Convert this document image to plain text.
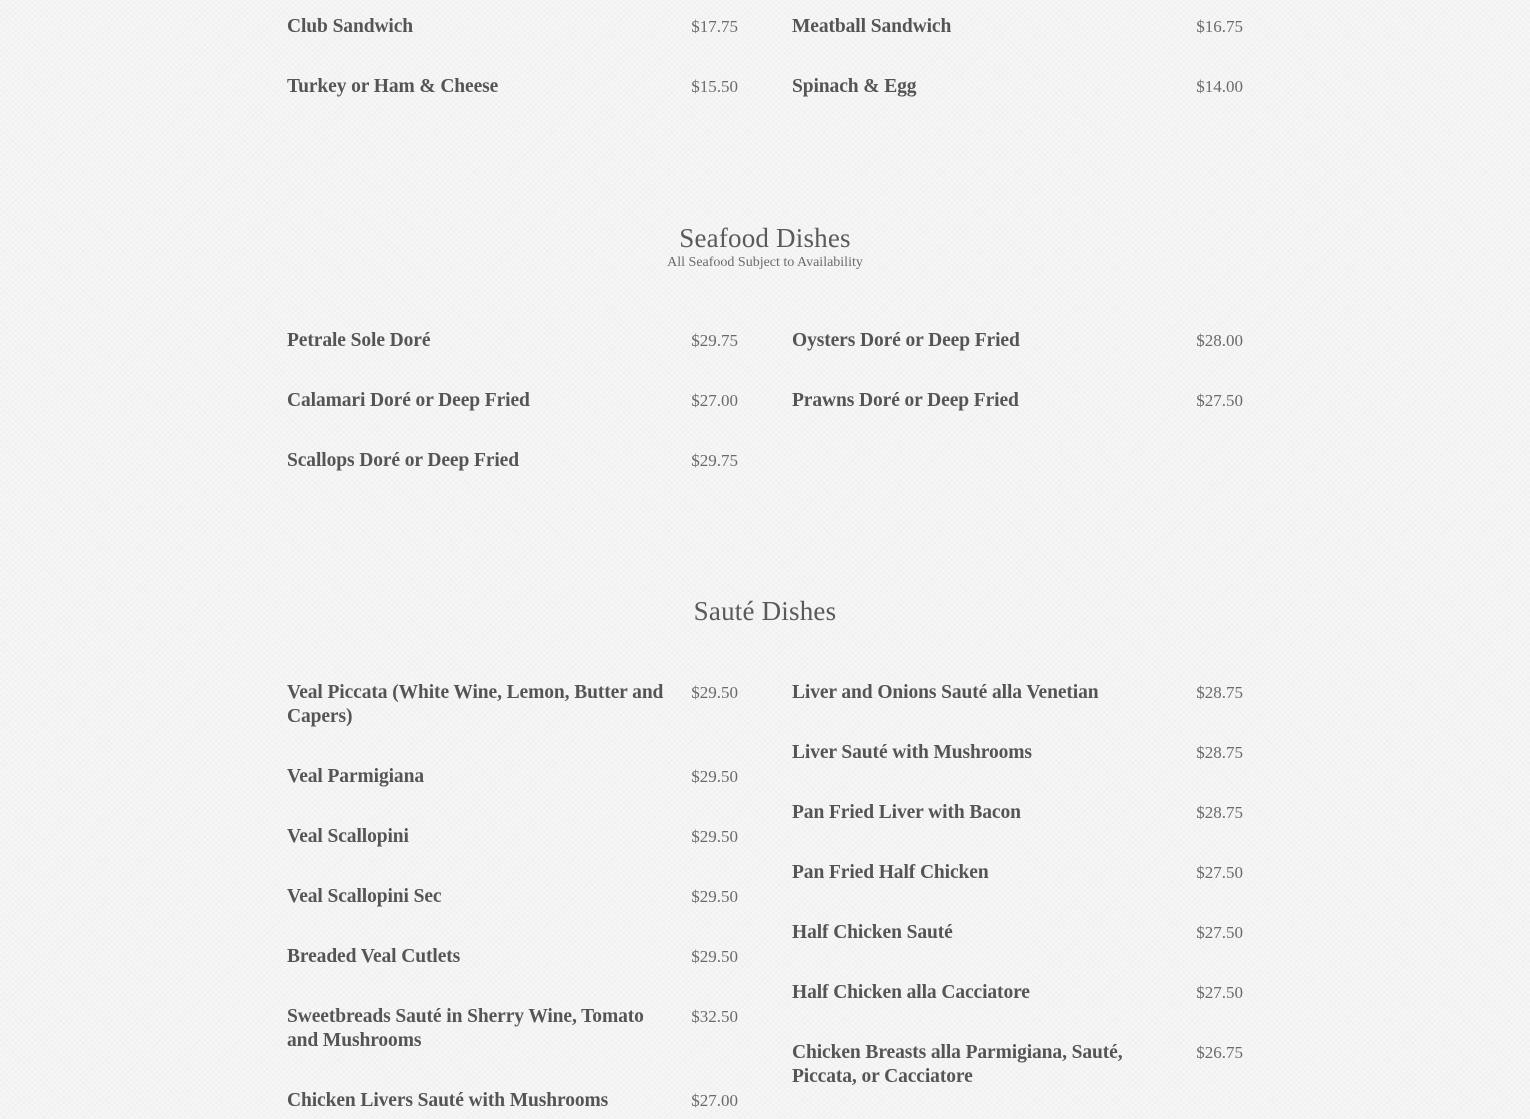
Club Sandwich	$17.75
Turkey or Ham & Cheese	$15.50
Meatball Sandwich	$16.75
Spinach & Egg	$14.00
Seafood Dishes
All Seafood Subject to Availability
Petrale Sole Doré	$29.75
Calamari Doré or Deep Fried	$27.00
Scallops Doré or Deep Fried	$29.75
Oysters Doré or Deep Fried	$28.00
Prawns Doré or Deep Fried	$27.50
Sauté Dishes
Veal Piccata (White Wine, Lemon, Butter and Capers)
$29.50
Veal Parmigiana	$29.50
Veal Scallopini	$29.50
Veal Scallopini Sec	$29.50
Breaded Veal Cutlets	$29.50
Sweetbreads Sauté in Sherry Wine, Tomato and Mushrooms
$32.50
Chicken Livers Sauté with Mushrooms	$27.00
Liver and Onions Sauté alla Venetian	$28.75
Liver Sauté with Mushrooms	$28.75
Pan Fried Liver with Bacon	$28.75
Pan Fried Half Chicken	$27.50
Half Chicken Sauté	$27.50
Half Chicken alla Cacciatore	$27.50
Chicken Breasts alla Parmigiana, Sauté, Piccata, or Cacciatore
$26.75
